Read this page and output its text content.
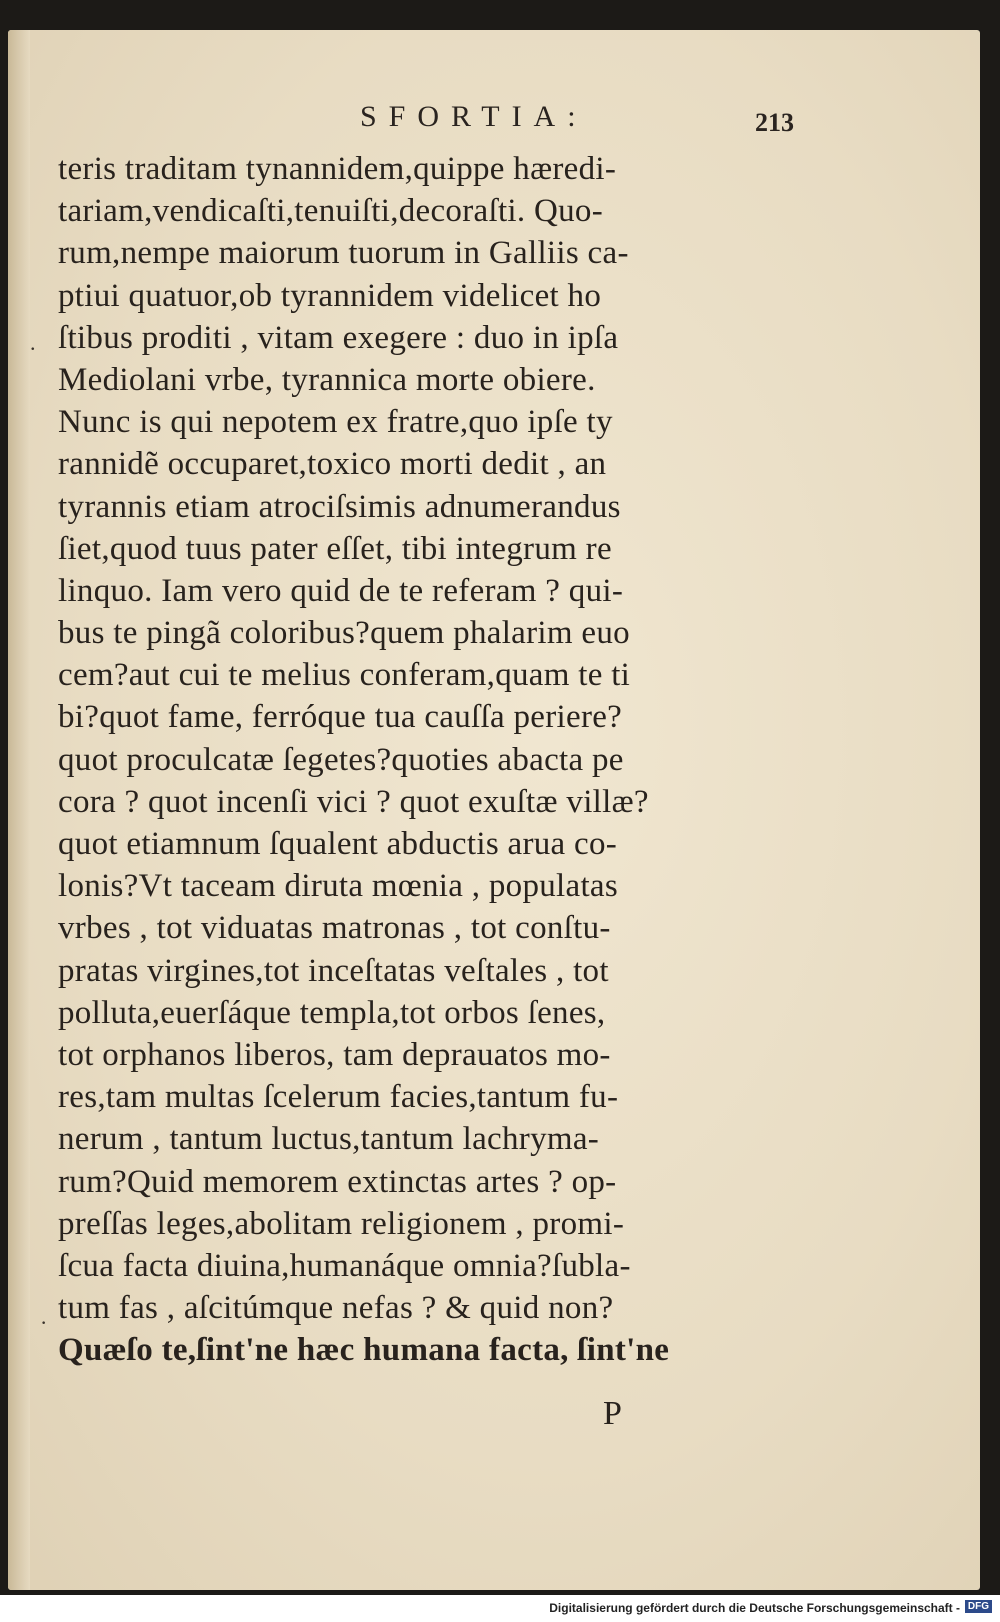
SFORTIA:	213
.
·
teris traditam tynannidem,quippe hæredi-
tariam,vendicaſti,tenuiſti,decoraſti. Quo-
rum,nempe maiorum tuorum in Galliis ca-
ptiui quatuor,ob tyrannidem videlicet ho
ſtibus proditi , vitam exegere : duo in ipſa
Mediolani vrbe, tyrannica morte obiere.
Nunc is qui nepotem ex fratre,quo ipſe ty
rannidẽ occuparet,toxico morti dedit , an
tyrannis etiam atrociſsimis adnumerandus
ſiet,quod tuus pater eſſet, tibi integrum re
linquo. Iam vero quid de te referam ? qui-
bus te pingã coloribus?quem phalarim euo
cem?aut cui te melius conferam,quam te ti
bi?quot fame, ferróque tua cauſſa periere?
quot proculcatæ ſegetes?quoties abacta pe
cora ? quot incenſi vici ? quot exuſtæ villæ?
quot etiamnum ſqualent abductis arua co-
lonis?Vt taceam diruta mœnia , populatas
vrbes , tot viduatas matronas , tot conſtu-
pratas virgines,tot inceſtatas veſtales , tot
polluta,euerſáque templa,tot orbos ſenes,
tot orphanos liberos, tam deprauatos mo-
res,tam multas ſcelerum facies,tantum fu-
nerum , tantum luctus,tantum lachryma-
rum?Quid memorem extinctas artes ? op-
preſſas leges,abolitam religionem , promi-
ſcua facta diuina,humanáque omnia?ſubla-
tum fas , aſcitúmque nefas ? & quid non?
Quæſo te,ſint'ne hæc humana facta, ſint'ne
P
Digitalisierung gefördert durch die Deutsche Forschungsgemeinschaft - DFG
